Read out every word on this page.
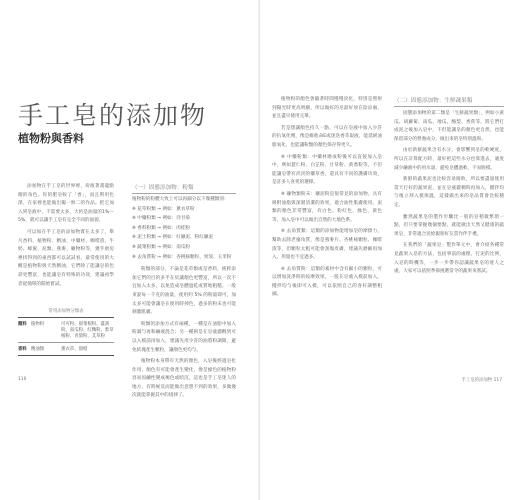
手工皂的添加物
植物粉與香料

添加物在手工皂的世界裡，扮演著畫龍點睛的角色。你的肥皂較了「香」，而且利用色澤，在家裡也能做出獨一無二的作品。把它加入到皂液中，不需要太多，大約是油量的1%～5%，就可以讓手工皂有完全不同的面貌。

可以加在手工皂的添加物實在太多了，舉凡香料、植物粉、精油、中藥材、咖啡渣、牛奶、蜂蜜、泥類、燕麥、礦物粉等，幾乎廚房裡找得到的東西都可以試試看。最常使用的大概是植物粉與天然精油，它們除了能讓皂的色彩更豐富，也能讓皂有特殊的功效，建議初學者從簡單的開始嘗試。

常用添加物分類表
顏料 植物粉	可可粉、甜菜根粉、薑黃粉、南瓜粉、紅麴粉、紫草根粉、青黛粉、艾草粉
香料 精油類	薰衣草、甜橙
（一）固態添加物：粉類
植物粉的粉體大致上可以再細分以下幾種類別：
※ 花草粉類 → 例如：薰衣草粉
※ 中藥粉類 → 例如：洋甘菊
※ 香料粉類 → 例如：肉桂粉
※ 泥土粉類 → 例如：紅礦泥、粉紅礦泥
※ 蔬菜粉類 → 例如：南瓜粉
※ 去角質粉 → 例如：杏桃核顆粒、果殼、玉米粉

粉類的部分，不論是花草類或是香料，純粹添加它們的目的多半在於讓顏色更豐富，所以一次不宜加入太多，以免造成皂體過乾或質地粗糙。一般來說每一千克的油量，使用約 5% 的粉量即可，加太多可能會讓皂在使用時掉色，過多的粉末也可能刺激肌膚。

粉類的添加方式有兩種，一種是在油脂中加入粉調勻再和鹼液混合；另一種則是在皂液濃稠到可以入模前再加入，建議先用少許的油將粉調開，避免結塊產生顆粒，讓顏色更均勻。

植物粉本身帶有天然的顏色，入皂後經過皂化作用，顏色有可能會產生變化，像是綠色的植物粉容易因鹼性變成褐色或暗沉，這也是手工皂迷人的地方，有時候反而能做出意想不到的效果，多做幾次就能掌握其中的規律了。

116

植物粉的顏色會隨著時間慢慢淡化，特別是照射到陽光時更為明顯，所以做好的皂最好放在陰涼處，並且盡早使用完畢。

若是想讓顏色持久一點，可以在皂液中加入少許的抗氧化劑，像是維他命E或迷迭香萃取液，能延緩油脂氧化，也能讓粉類的顏色保存得更久。

※ 中藥粉類：中藥材磨成粉後可以直接加入皂中，例如薏仁粉、白芷粉、甘草粉、黃耆粉等，不但能讓皂帶有淡淡的藥草香，還具有不同的護膚功效，是許多人喜愛的選擇。

※ 礦物類粉末：礦泥粉是很常見的添加物，具有吸附油脂與深層清潔的效果，適合油性肌膚使用。泥類的顏色非常豐富，有白色、粉紅色、綠色、黃色等，加入皂中可以做出自然的大地色系。

※ 去角質類：這類的添加物能增加皂的摩擦力，幫助去除老廢角質，像是燕麥片、杏桃核顆粒、咖啡渣等，但顆粒太粗可能會刮傷皮膚，建議先磨細再加入，用量也不宜過多。

※ 去角質粉：這類的素材中含有細小的顆粒，可以增加洗淨時的按摩效果，一般在皂液入模前加入，攪拌均勻後即可入模，可以依照自己的喜好調整粗細。

（二）固態添加物：生鮮蔬果類

固態添加物的第二類是「生鮮蔬果類」，例如小黃瓜、胡蘿蔔、南瓜、地瓜、酪梨、香蕉等，將它們打成泥之後加入皂中，不但能讓皂的顏色更自然，也能保留部分的營養成分，做出來的皂特別溫和。

由於新鮮蔬果含有水分，會影響到皂的軟硬度，所以在計算配方時，最好把這些水分也算進去，適度減少鹼液中的用水量，避免皂體過軟、不易脫模。

新鮮的蔬果泥也比較容易腐敗，所以要盡量使用當天打好的蔬果泥，並在皂液濃稠時再加入，攪拌均勻後立刻入模保溫，這樣做出來的皂品質會比較穩定。

雖然蔬果皂的製作步驟比一般的皂稍微繁瑣一點，但只要掌握幾個要點，就能做出天然又健康的蔬果皂，非常適合送給親朋好友當作伴手禮。

在我們的「蔬果皂」製作單元中，會介紹各種常見蔬果入皂的方法，包括事前的處理、打泥的比例、入皂的時機等，一步一步帶你認識蔬果皂的迷人之處，大家可以依照季節挑選當令的蔬果來嘗試。

手工皂的添加物 117
